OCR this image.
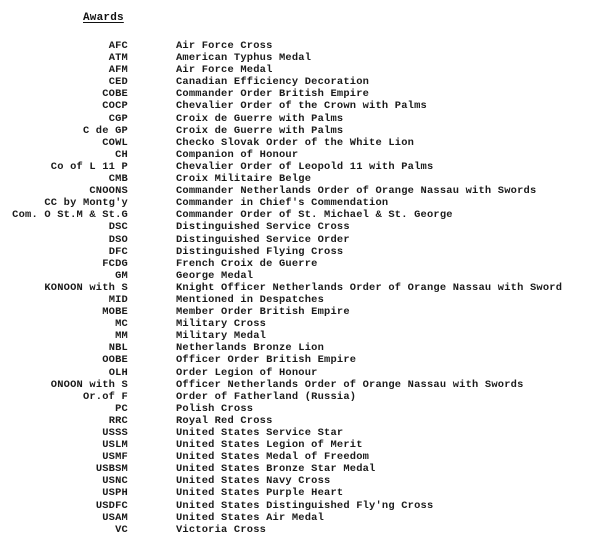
Awards
AFC	Air Force Cross
ATM	American Typhus Medal
AFM	Air Force Medal
CED	Canadian Efficiency Decoration
COBE	Commander Order British Empire
COCP	Chevalier Order of the Crown with Palms
CGP	Croix de Guerre with Palms
C de GP	Croix de Guerre with Palms
COWL	Checko Slovak Order of the White Lion
CH	Companion of Honour
Co of L 11 P	Chevalier Order of Leopold 11 with Palms
CMB	Croix Militaire Belge
CNOONS	Commander Netherlands Order of Orange Nassau with Swords
CC by Montg'y	Commander in Chief's Commendation
Com. O St.M & St.G	Commander Order of St. Michael & St. George
DSC	Distinguished Service Cross
DSO	Distinguished Service Order
DFC	Distinguished Flying Cross
FCDG	French Croix de Guerre
GM	George Medal
KONOON with S	Knight Officer Netherlands Order of Orange Nassau with Sword
MID	Mentioned in Despatches
MOBE	Member Order British Empire
MC	Military Cross
MM	Military Medal
NBL	Netherlands Bronze Lion
OOBE	Officer Order British Empire
OLH	Order Legion of Honour
ONOON with S	Officer Netherlands Order of Orange Nassau with Swords
Or.of F	Order of Fatherland (Russia)
PC	Polish Cross
RRC	Royal Red Cross
USSS	United States Service Star
USLM	United States Legion of Merit
USMF	United States Medal of Freedom
USBSM	United States Bronze Star Medal
USNC	United States Navy Cross
USPH	United States Purple Heart
USDFC	United States Distinguished Fly'ng Cross
USAM	United States Air Medal
VC	Victoria Cross
